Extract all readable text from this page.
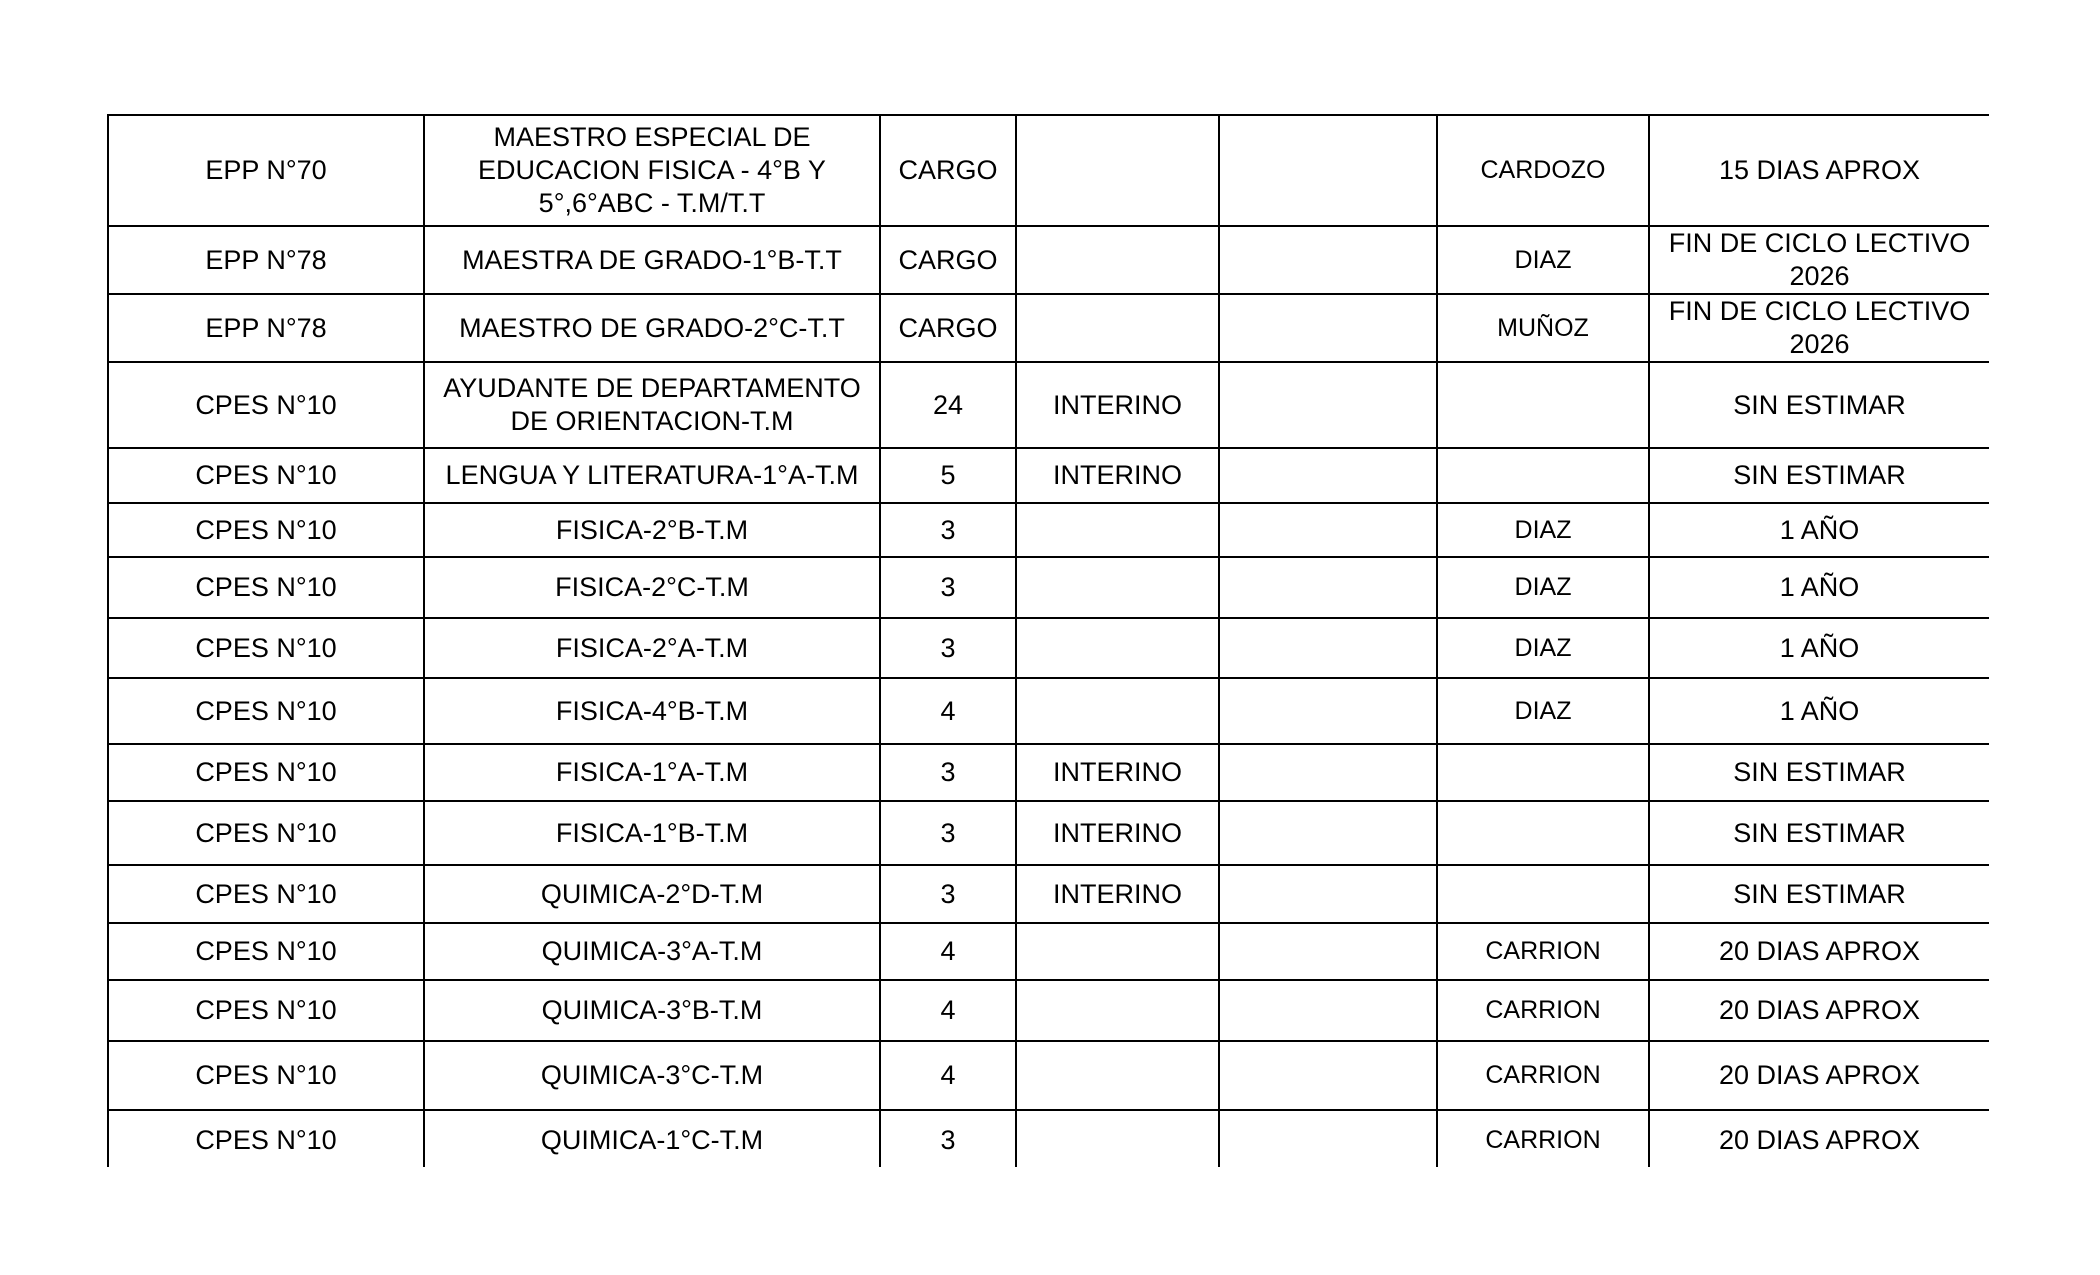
EPP N°70	MAESTRO ESPECIAL DE EDUCACION FISICA - 4°B Y 5°,6°ABC - T.M/T.T	CARGO			CARDOZO	15 DIAS APROX
EPP N°78	MAESTRA DE GRADO-1°B-T.T	CARGO			DIAZ	FIN DE CICLO LECTIVO 2026
EPP N°78	MAESTRO DE GRADO-2°C-T.T	CARGO			MUÑOZ	FIN DE CICLO LECTIVO 2026
CPES N°10	AYUDANTE DE DEPARTAMENTO DE ORIENTACION-T.M	24	INTERINO			SIN ESTIMAR
CPES N°10	LENGUA Y LITERATURA-1°A-T.M	5	INTERINO			SIN ESTIMAR
CPES N°10	FISICA-2°B-T.M	3			DIAZ	1 AÑO
CPES N°10	FISICA-2°C-T.M	3			DIAZ	1 AÑO
CPES N°10	FISICA-2°A-T.M	3			DIAZ	1 AÑO
CPES N°10	FISICA-4°B-T.M	4			DIAZ	1 AÑO
CPES N°10	FISICA-1°A-T.M	3	INTERINO			SIN ESTIMAR
CPES N°10	FISICA-1°B-T.M	3	INTERINO			SIN ESTIMAR
CPES N°10	QUIMICA-2°D-T.M	3	INTERINO			SIN ESTIMAR
CPES N°10	QUIMICA-3°A-T.M	4			CARRION	20 DIAS APROX
CPES N°10	QUIMICA-3°B-T.M	4			CARRION	20 DIAS APROX
CPES N°10	QUIMICA-3°C-T.M	4			CARRION	20 DIAS APROX
CPES N°10	QUIMICA-1°C-T.M	3			CARRION	20 DIAS APROX
